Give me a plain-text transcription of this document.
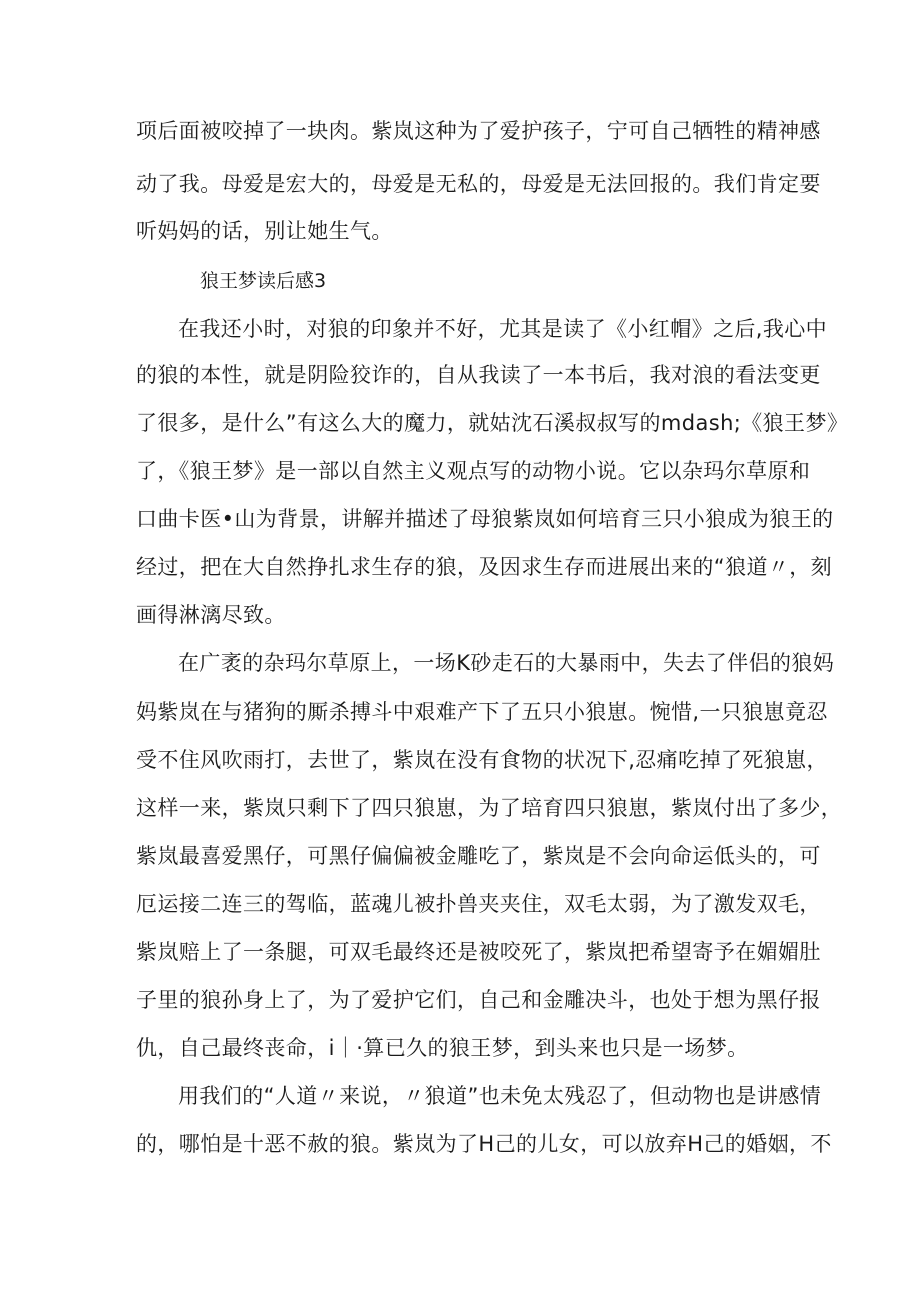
项后面被咬掉了一块肉。紫岚这种为了爱护孩子，宁可自己牺牲的精神感
动了我。母爱是宏大的，母爱是无私的，母爱是无法回报的。我们肯定要
听妈妈的话，别让她生气。
狼王梦读后感3
在我还小时，对狼的印象并不好，尤其是读了《小红帽》之后,我心中
的狼的本性，就是阴险狡诈的，自从我读了一本书后，我对浪的看法变更
了很多，是什么”有这么大的魔力，就姑沈石溪叔叔写的mdash;《狼王梦》
了，《狼王梦》是一部以自然主义观点写的动物小说。它以杂玛尔草原和
口曲卡医•山为背景，讲解并描述了母狼紫岚如何培育三只小狼成为狼王的
经过，把在大自然挣扎求生存的狼，及因求生存而进展出来的“狼道〃，刻
画得淋漓尽致。
在广袤的杂玛尔草原上，一场K砂走石的大暴雨中，失去了伴侣的狼妈
妈紫岚在与猪狗的厮杀搏斗中艰难产下了五只小狼崽。惋惜,一只狼崽竟忍
受不住风吹雨打，去世了，紫岚在没有食物的状况下,忍痛吃掉了死狼崽，
这样一来，紫岚只剩下了四只狼崽，为了培育四只狼崽，紫岚付出了多少，
紫岚最喜爱黑仔，可黑仔偏偏被金雕吃了，紫岚是不会向命运低头的，可
厄运接二连三的驾临，蓝魂儿被扑兽夹夹住，双毛太弱，为了激发双毛，
紫岚赔上了一条腿，可双毛最终还是被咬死了，紫岚把希望寄予在媚媚肚
子里的狼孙身上了，为了爱护它们，自己和金雕决斗，也处于想为黑仔报
仇，自己最终丧命，i｜·算已久的狼王梦，到头来也只是一场梦。
用我们的“人道〃来说，〃狼道”也未免太残忍了，但动物也是讲感情
的，哪怕是十恶不赦的狼。紫岚为了H己的儿女，可以放弃H己的婚姻，不
